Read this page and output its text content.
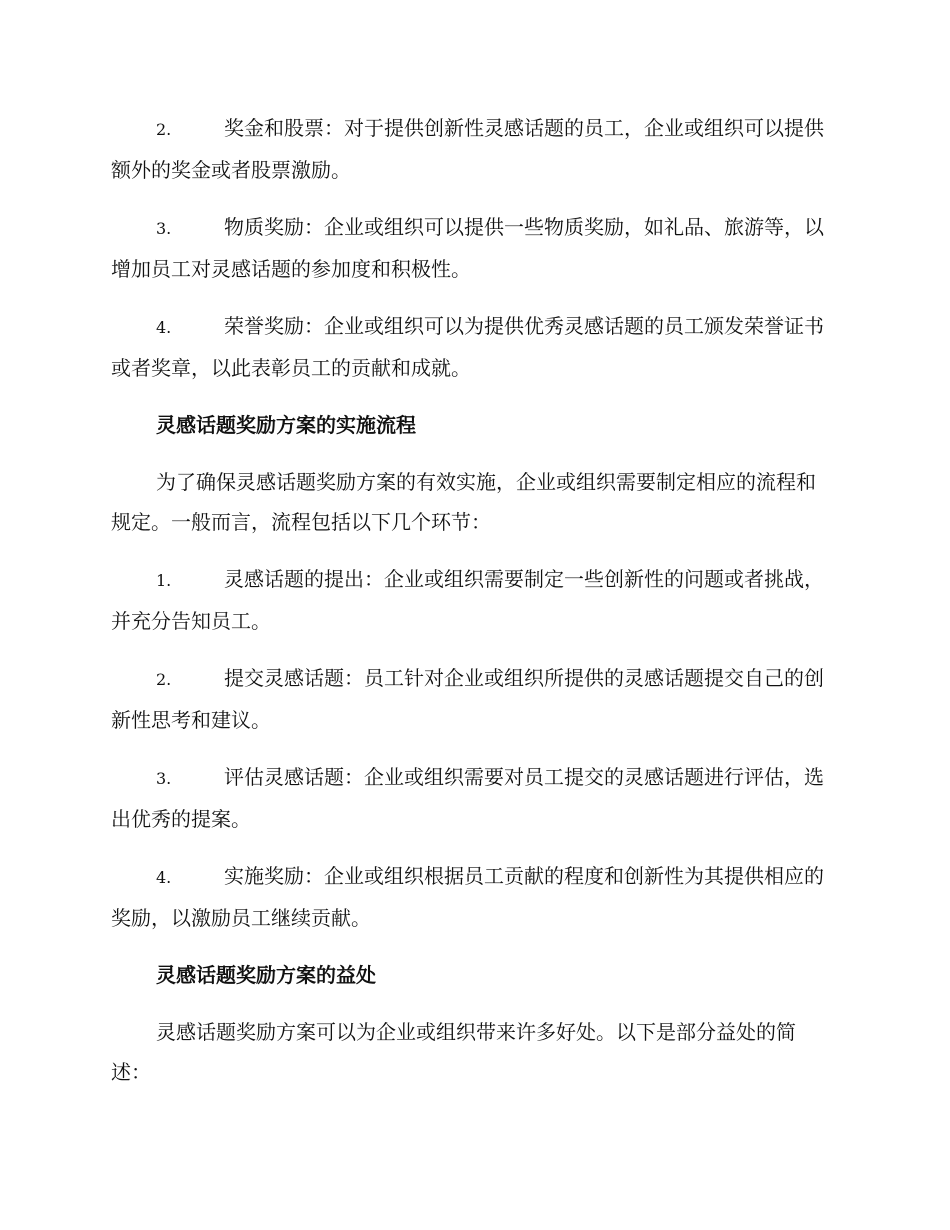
2.	奖金和股票：对于提供创新性灵感话题的员工，企业或组织可以提供额外的奖金或者股票激励。
3.	物质奖励：企业或组织可以提供一些物质奖励，如礼品、旅游等，以增加员工对灵感话题的参加度和积极性。
4.	荣誉奖励：企业或组织可以为提供优秀灵感话题的员工颁发荣誉证书或者奖章，以此表彰员工的贡献和成就。
灵感话题奖励方案的实施流程
为了确保灵感话题奖励方案的有效实施，企业或组织需要制定相应的流程和规定。一般而言，流程包括以下几个环节：
1.	灵感话题的提出：企业或组织需要制定一些创新性的问题或者挑战，并充分告知员工。
2.	提交灵感话题：员工针对企业或组织所提供的灵感话题提交自己的创新性思考和建议。
3.	评估灵感话题：企业或组织需要对员工提交的灵感话题进行评估，选出优秀的提案。
4.	实施奖励：企业或组织根据员工贡献的程度和创新性为其提供相应的奖励，以激励员工继续贡献。
灵感话题奖励方案的益处
灵感话题奖励方案可以为企业或组织带来许多好处。以下是部分益处的简述：
